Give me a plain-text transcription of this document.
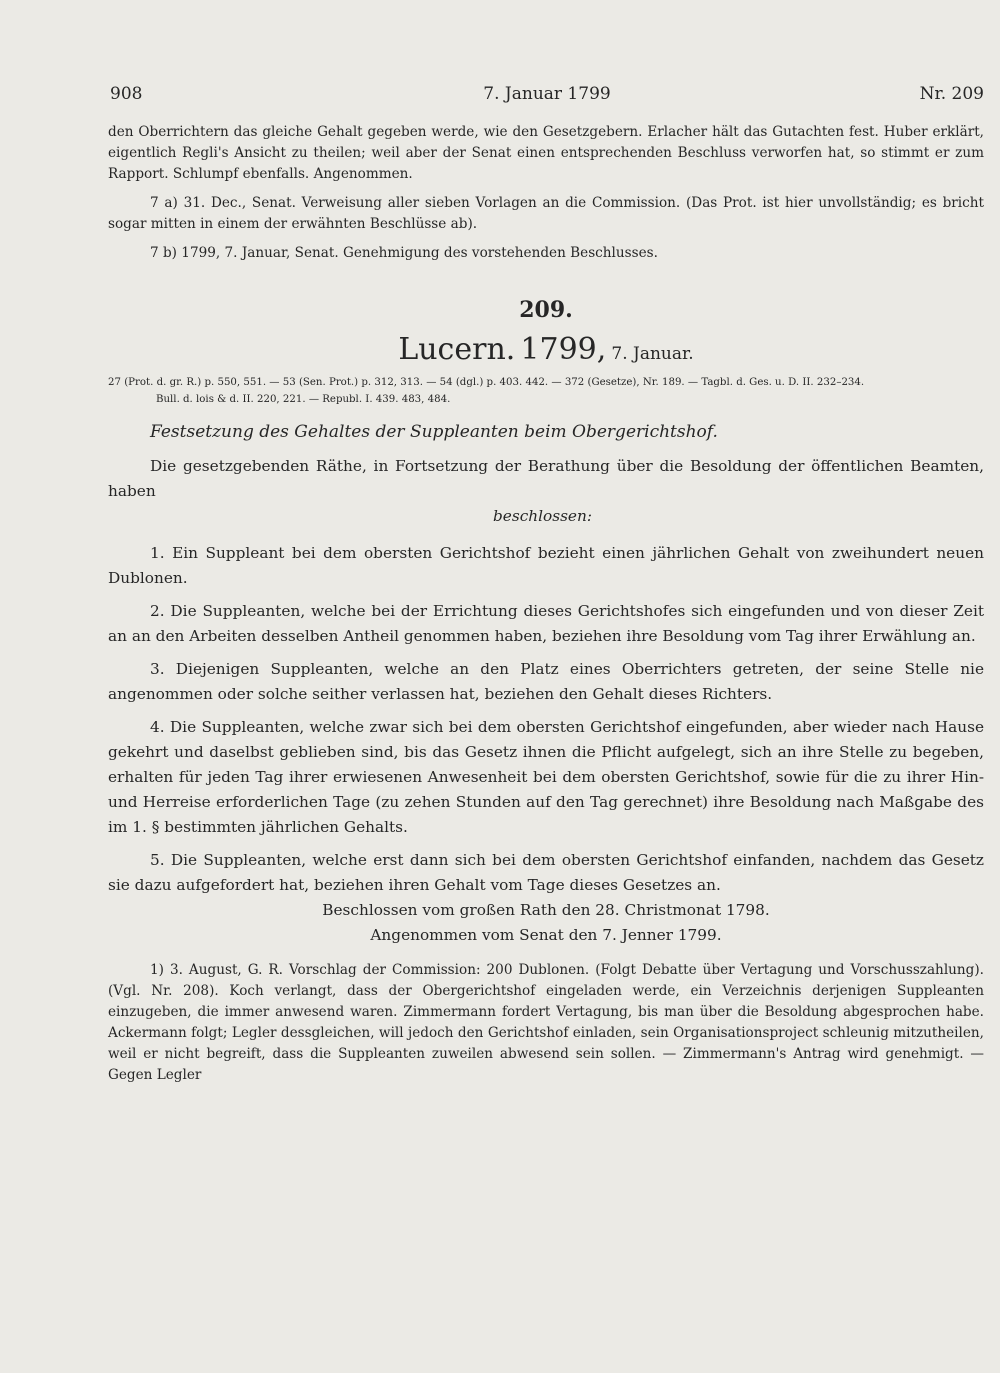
908	7. Januar 1799	Nr. 209

den Oberrichtern das gleiche Gehalt gegeben werde, wie den Gesetzgebern. Erlacher hält das Gutachten fest. Huber erklärt, eigentlich Regli's Ansicht zu theilen; weil aber der Senat einen entsprechenden Beschluss verworfen hat, so stimmt er zum Rapport. Schlumpf ebenfalls. Angenommen.

7 a) 31. Dec., Senat. Verweisung aller sieben Vorlagen an die Commission. (Das Prot. ist hier unvollständig; es bricht sogar mitten in einem der erwähnten Beschlüsse ab).

7 b) 1799, 7. Januar, Senat. Genehmigung des vorstehenden Beschlusses.

209.
Lucern. 1799, 7. Januar.
27 (Prot. d. gr. R.) p. 550, 551. — 53 (Sen. Prot.) p. 312, 313. — 54 (dgl.) p. 403. 442. — 372 (Gesetze), Nr. 189. — Tagbl. d. Ges. u. D. II. 232–234.
Bull. d. lois & d. II. 220, 221. — Republ. I. 439. 483, 484.
Festsetzung des Gehaltes der Suppleanten beim Obergerichtshof.

Die gesetzgebenden Räthe, in Fortsetzung der Berathung über die Besoldung der öffentlichen Beamten, haben

beschlossen:

1. Ein Suppleant bei dem obersten Gerichtshof bezieht einen jährlichen Gehalt von zweihundert neuen Dublonen.

2. Die Suppleanten, welche bei der Errichtung dieses Gerichtshofes sich eingefunden und von dieser Zeit an an den Arbeiten desselben Antheil genommen haben, beziehen ihre Besoldung vom Tag ihrer Erwählung an.

3. Diejenigen Suppleanten, welche an den Platz eines Oberrichters getreten, der seine Stelle nie angenommen oder solche seither verlassen hat, beziehen den Gehalt dieses Richters.

4. Die Suppleanten, welche zwar sich bei dem obersten Gerichtshof eingefunden, aber wieder nach Hause gekehrt und daselbst geblieben sind, bis das Gesetz ihnen die Pflicht aufgelegt, sich an ihre Stelle zu begeben, erhalten für jeden Tag ihrer erwiesenen Anwesenheit bei dem obersten Gerichtshof, sowie für die zu ihrer Hin- und Herreise erforderlichen Tage (zu zehen Stunden auf den Tag gerechnet) ihre Besoldung nach Maßgabe des im 1. § bestimmten jährlichen Gehalts.

5. Die Suppleanten, welche erst dann sich bei dem obersten Gerichtshof einfanden, nachdem das Gesetz sie dazu aufgefordert hat, beziehen ihren Gehalt vom Tage dieses Gesetzes an.

Beschlossen vom großen Rath den 28. Christmonat 1798.
Angenommen vom Senat den 7. Jenner 1799.

1) 3. August, G. R. Vorschlag der Commission: 200 Dublonen. (Folgt Debatte über Vertagung und Vorschusszahlung). (Vgl. Nr. 208). Koch verlangt, dass der Obergerichtshof eingeladen werde, ein Verzeichnis derjenigen Suppleanten einzugeben, die immer anwesend waren. Zimmermann fordert Vertagung, bis man über die Besoldung abgesprochen habe. Ackermann folgt; Legler dessgleichen, will jedoch den Gerichtshof einladen, sein Organisationsproject schleunig mitzutheilen, weil er nicht begreift, dass die Suppleanten zuweilen abwesend sein sollen. — Zimmermann's Antrag wird genehmigt. — Gegen Legler
